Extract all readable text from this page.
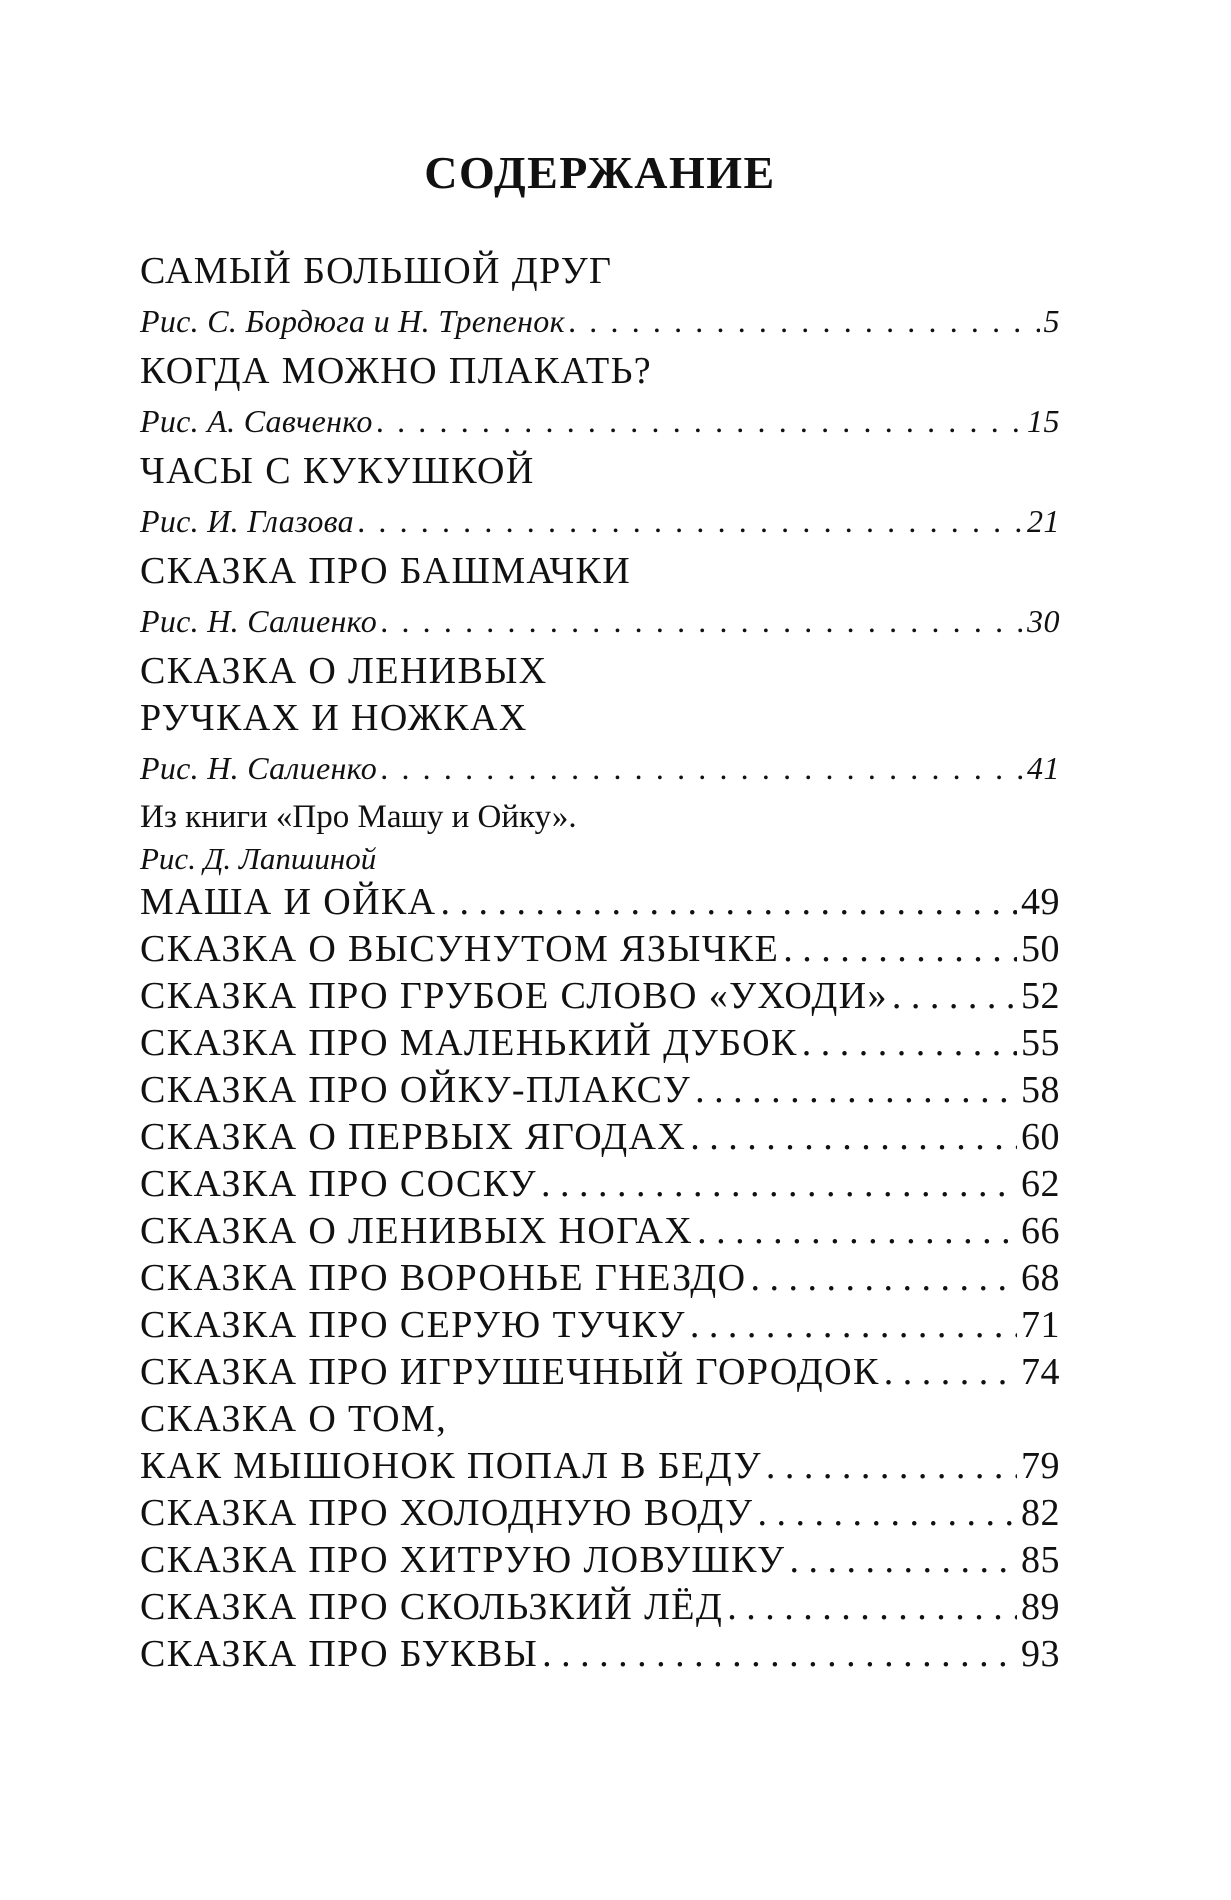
СОДЕРЖАНИЕ
САМЫЙ БОЛЬШОЙ ДРУГ
Рис. С. Бордюга и Н. Трепенок . . .	5
КОГДА МОЖНО ПЛАКАТЬ?
Рис. А. Савченко . . .	15
ЧАСЫ С КУКУШКОЙ
Рис. И. Глазова . . .	21
СКАЗКА ПРО БАШМАЧКИ
Рис. Н. Салиенко . . .	30
СКАЗКА О ЛЕНИВЫХ
РУЧКАХ И НОЖКАХ
Рис. Н. Салиенко . . .	41
Из книги «Про Машу и Ойку».
Рис. Д. Лапшиной
МАША И ОЙКА . . .	49
СКАЗКА О ВЫСУНУТОМ ЯЗЫЧКЕ . . .	50
СКАЗКА ПРО ГРУБОЕ СЛОВО «УХОДИ» . . .	52
СКАЗКА ПРО МАЛЕНЬКИЙ ДУБОК . . .	55
СКАЗКА ПРО ОЙКУ-ПЛАКСУ . . .	58
СКАЗКА О ПЕРВЫХ ЯГОДАХ . . .	60
СКАЗКА ПРО СОСКУ . . .	62
СКАЗКА О ЛЕНИВЫХ НОГАХ . . .	66
СКАЗКА ПРО ВОРОНЬЕ ГНЕЗДО . . .	68
СКАЗКА ПРО СЕРУЮ ТУЧКУ . . .	71
СКАЗКА ПРО ИГРУШЕЧНЫЙ ГОРОДОК . . .	74
СКАЗКА О ТОМ,
КАК МЫШОНОК ПОПАЛ В БЕДУ . . .	79
СКАЗКА ПРО ХОЛОДНУЮ ВОДУ . . .	82
СКАЗКА ПРО ХИТРУЮ ЛОВУШКУ . . .	85
СКАЗКА ПРО СКОЛЬЗКИЙ ЛЁД . . .	89
СКАЗКА ПРО БУКВЫ . . .	93
